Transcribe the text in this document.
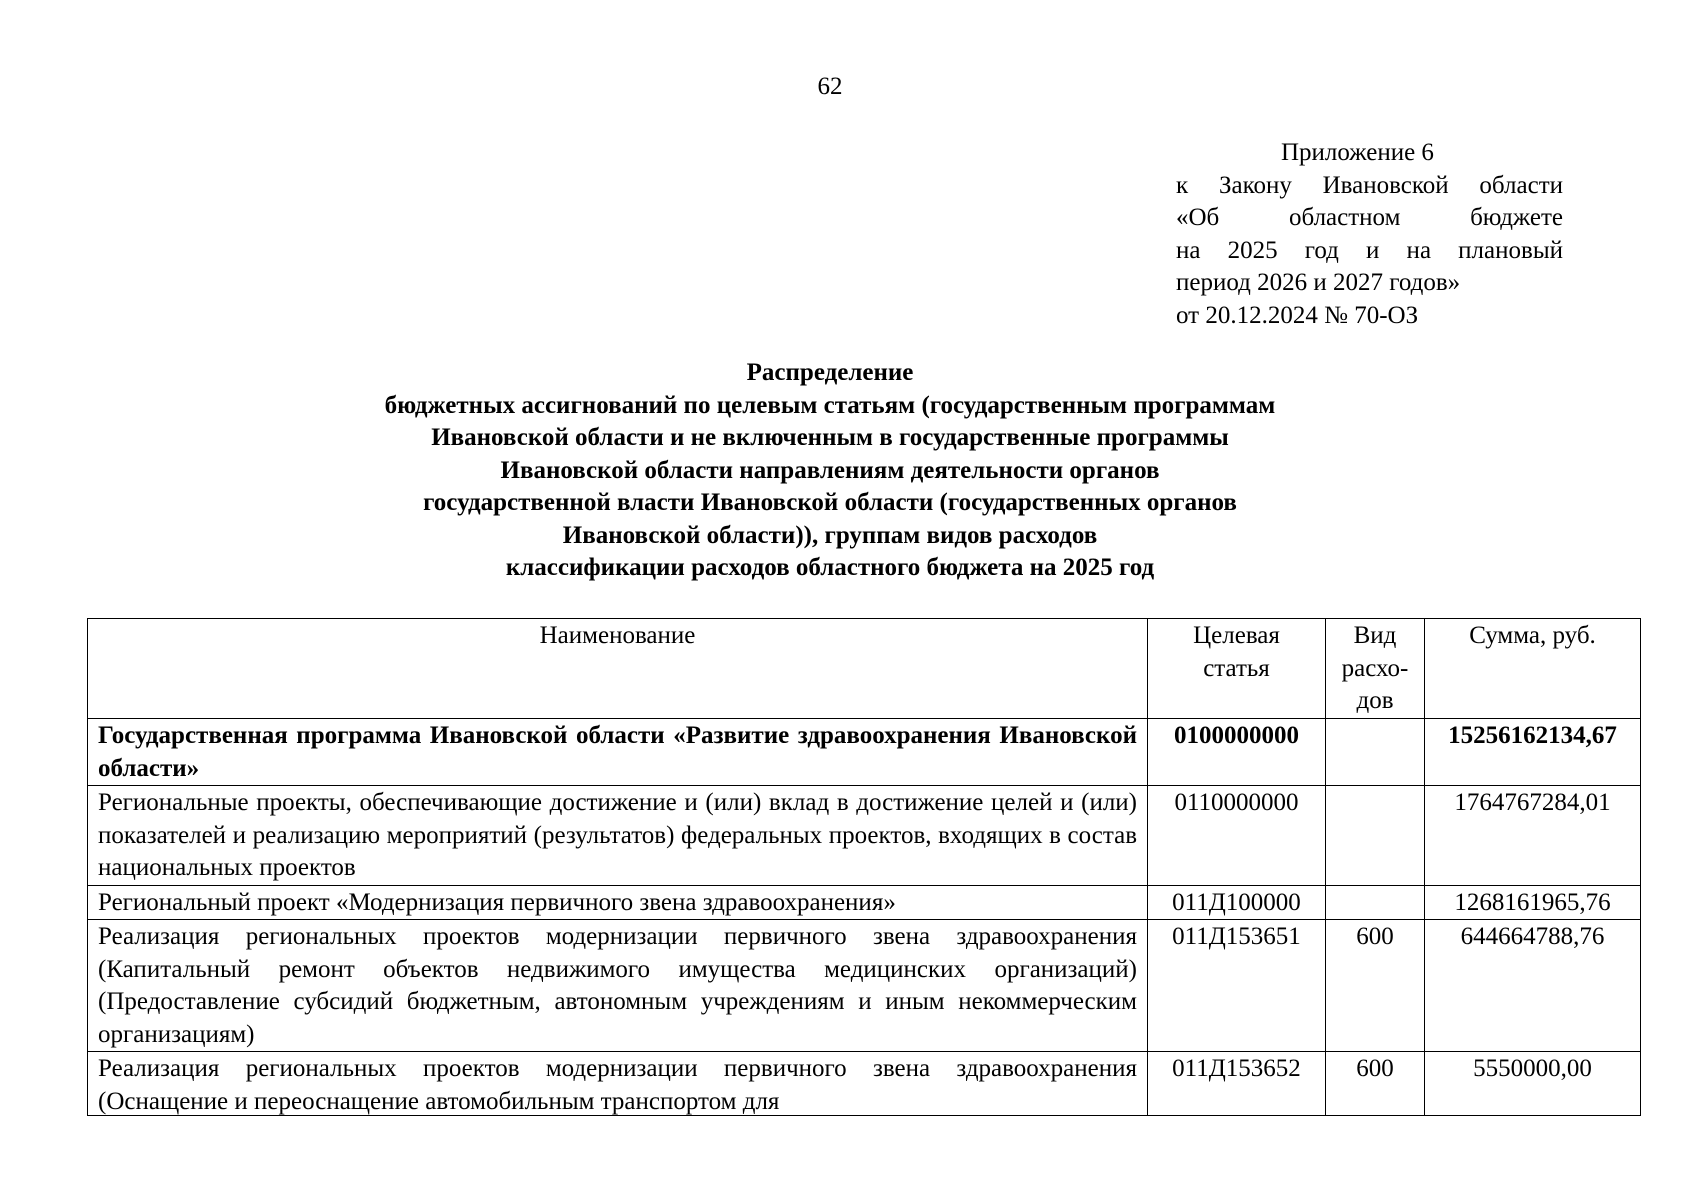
62
Приложение 6
к Закону Ивановской области
«Об областном бюджете
на 2025 год и на плановый
период 2026 и 2027 годов»
от 20.12.2024 № 70-ОЗ
Распределение
бюджетных ассигнований по целевым статьям (государственным программам
Ивановской области и не включенным в государственные программы
Ивановской области направлениям деятельности органов
государственной власти Ивановской области (государственных органов
Ивановской области)), группам видов расходов
классификации расходов областного бюджета на 2025 год
Наименование	Целевая статья	Вид расхо-дов	Сумма, руб.
Государственная программа Ивановской области «Развитие здравоохранения Ивановской области»	0100000000		15256162134,67
Региональные проекты, обеспечивающие достижение и (или) вклад в достижение целей и (или) показателей и реализацию мероприятий (результатов) федеральных проектов, входящих в состав национальных проектов	0110000000		1764767284,01
Региональный проект «Модернизация первичного звена здравоохранения»	011Д100000		1268161965,76
Реализация региональных проектов модернизации первичного звена здравоохранения (Капитальный ремонт объектов недвижимого имущества медицинских организаций) (Предоставление субсидий бюджетным, автономным учреждениям и иным некоммерческим организациям)	011Д153651	600	644664788,76

Реализация региональных проектов модернизации первичного звена здравоохранения (Оснащение и переоснащение автомобильным транспортом для	011Д153652	600	5550000,00
